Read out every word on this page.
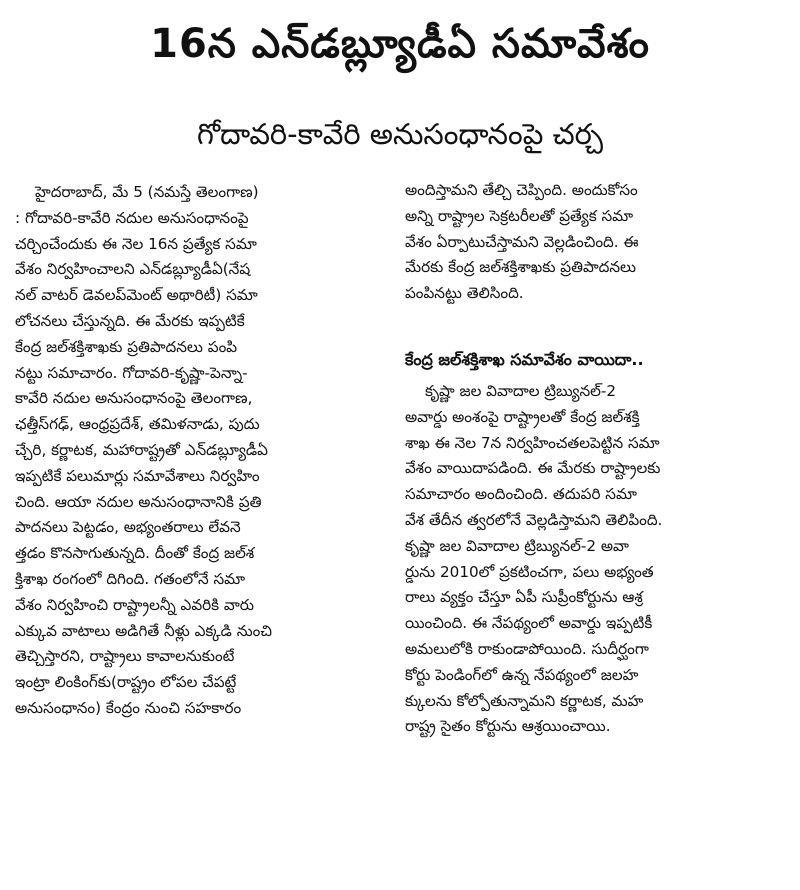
16న ఎన్‌డబ్ల్యూడీఏ సమావేశం
గోదావరి-కావేరి అనుసంధానంపై చర్చ

హైదరాబాద్, మే 5 (నమస్తే తెలంగాణ)
: గోదావరి-కావేరి నదుల అనుసంధానంపై
చర్చించేందుకు ఈ నెల 16న ప్రత్యేక సమా
వేశం నిర్వహించాలని ఎన్‌డబ్ల్యూడీఏ(నేష
నల్ వాటర్ డెవలప్‌మెంట్ అథారిటీ) సమా
లోచనలు చేస్తున్నది. ఈ మేరకు ఇప్పటికే
కేంద్ర జల్‌శక్తిశాఖకు ప్రతిపాదనలు పంపి
నట్టు సమాచారం. గోదావరి-కృష్ణా-పెన్నా-
కావేరి నదుల అనుసంధానంపై తెలంగాణ,
ఛత్తీస్‌గఢ్, ఆంధ్రప్రదేశ్, తమిళనాడు, పుదు
చ్చేరి, కర్ణాటక, మహారాష్ట్రతో ఎన్‌డబ్ల్యూడీఏ
ఇప్పటికే పలుమార్లు సమావేశాలు నిర్వహిం
చింది. ఆయా నదుల అనుసంధానానికి ప్రతి
పాదనలు పెట్టడం, అభ్యంతరాలు లేవనె
త్తడం కొనసాగుతున్నది. దీంతో కేంద్ర జల్‌శ
క్తిశాఖ రంగంలో దిగింది. గతంలోనే సమా
వేశం నిర్వహించి రాష్ట్రాలన్నీ ఎవరికి వారు
ఎక్కువ వాటాలు అడిగితే నీళ్లు ఎక్కడి నుంచి
తెచ్చిస్తారని, రాష్ట్రాలు కావాలనుకుంటే
ఇంట్రా లింకింగ్‌కు(రాష్ట్రం లోపల చేపట్టే
అనుసంధానం) కేంద్రం నుంచి సహకారం

అందిస్తామని తేల్చి చెప్పింది. అందుకోసం
అన్ని రాష్ట్రాల సెక్రటరీలతో ప్రత్యేక సమా
వేశం ఏర్పాటుచేస్తామని వెల్లడించింది. ఈ
మేరకు కేంద్ర జల్‌శక్తిశాఖకు ప్రతిపాదనలు
పంపినట్టు తెలిసింది.

కేంద్ర జల్‌శక్తిశాఖ సమావేశం వాయిదా..

కృష్ణా జల వివాదాల ట్రిబ్యునల్-2
అవార్డు అంశంపై రాష్ట్రాలతో కేంద్ర జల్‌శక్తి
శాఖ ఈ నెల 7న నిర్వహించతలపెట్టిన సమా
వేశం వాయిదాపడింది. ఈ మేరకు రాష్ట్రాలకు
సమాచారం అందించింది. తదుపరి సమా
వేశ తేదీన త్వరలోనే వెల్లడిస్తామని తెలిపింది.
కృష్ణా జల వివాదాల ట్రిబ్యునల్-2 అవా
ర్డును 2010లో ప్రకటించగా, పలు అభ్యంత
రాలు వ్యక్తం చేస్తూ ఏపీ సుప్రీంకోర్టును ఆశ్ర
యించింది. ఈ నేపథ్యంలో అవార్డు ఇప్పటికీ
అమలులోకి రాకుండాపోయింది. సుదీర్ఘంగా
కోర్టు పెండింగ్‌లో ఉన్న నేపథ్యంలో జలహ
క్కులను కోల్పోతున్నామని కర్ణాటక, మహ
రాష్ట్ర సైతం కోర్టును ఆశ్రయించాయి.
